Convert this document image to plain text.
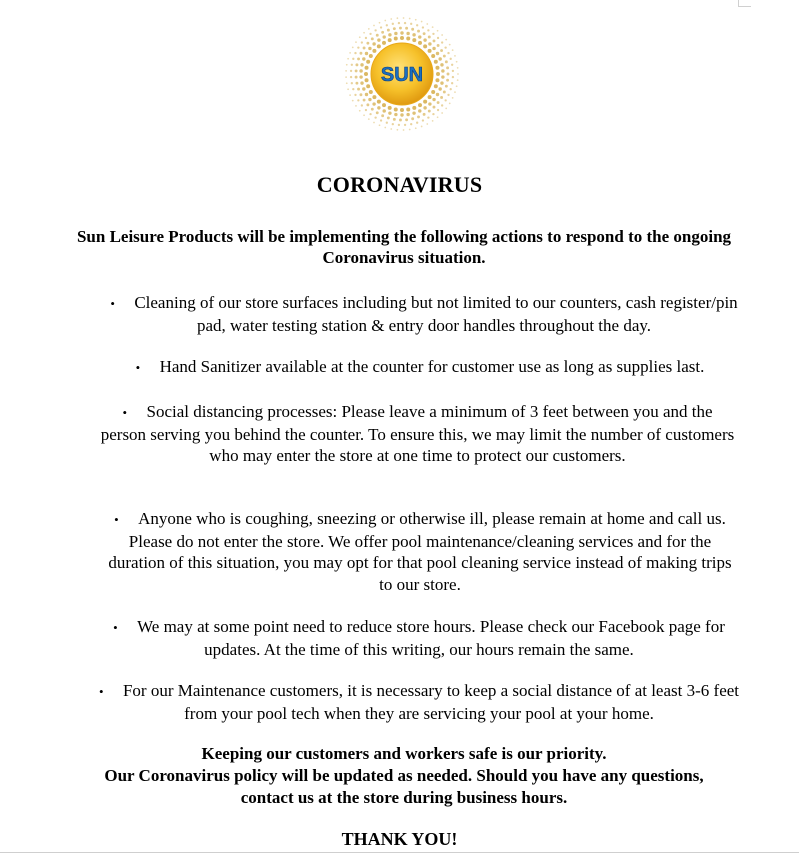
SUN
CORONAVIRUS
Sun Leisure Products will be implementing the following actions to respond to the ongoing Coronavirus situation.
• Cleaning of our store surfaces including but not limited to our counters, cash register/pin pad, water testing station & entry door handles throughout the day.
• Hand Sanitizer available at the counter for customer use as long as supplies last.
• Social distancing processes: Please leave a minimum of 3 feet between you and the person serving you behind the counter. To ensure this, we may limit the number of customers who may enter the store at one time to protect our customers.
• Anyone who is coughing, sneezing or otherwise ill, please remain at home and call us. Please do not enter the store. We offer pool maintenance/cleaning services and for the duration of this situation, you may opt for that pool cleaning service instead of making trips to our store.
• We may at some point need to reduce store hours. Please check our Facebook page for updates. At the time of this writing, our hours remain the same.
• For our Maintenance customers, it is necessary to keep a social distance of at least 3-6 feet from your pool tech when they are servicing your pool at your home.
Keeping our customers and workers safe is our priority.
Our Coronavirus policy will be updated as needed. Should you have any questions,
contact us at the store during business hours.
THANK YOU!
